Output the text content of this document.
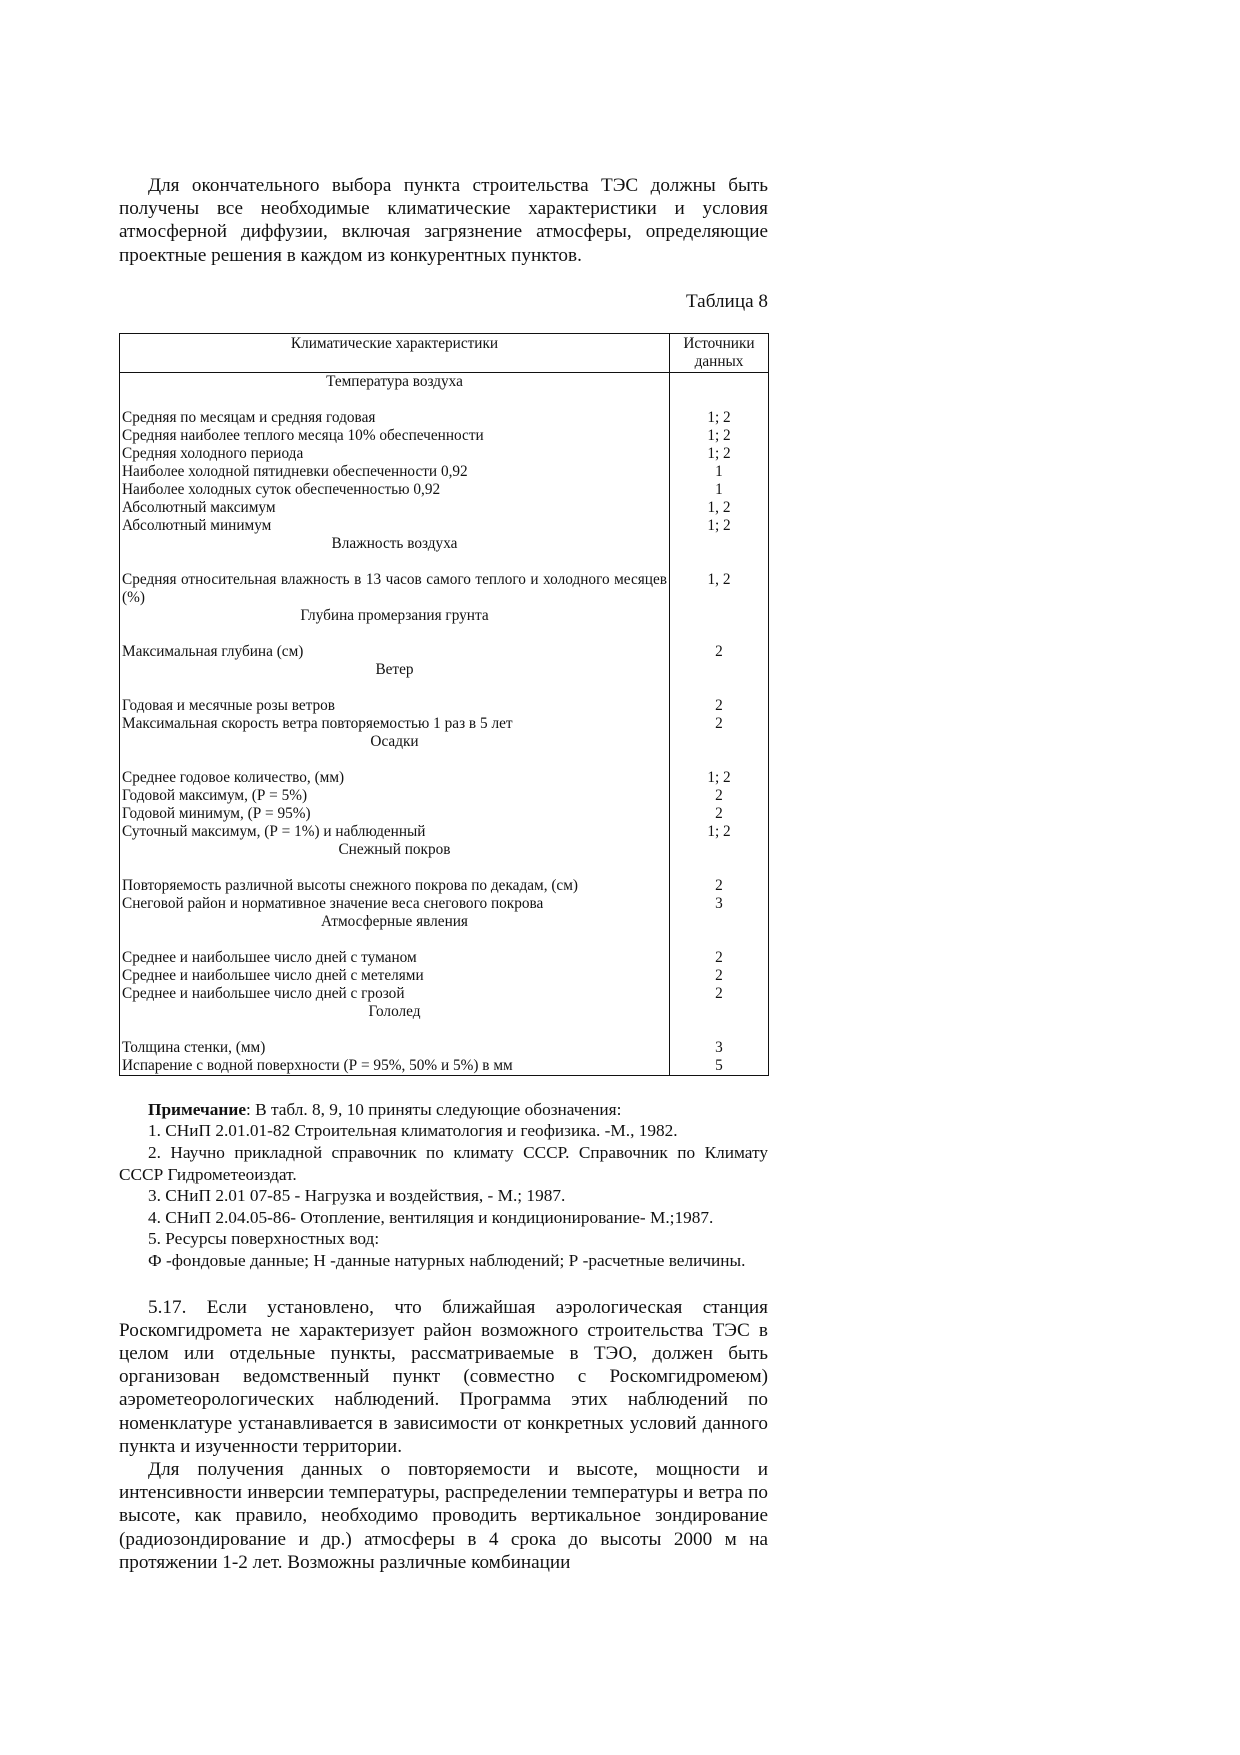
Для окончательного выбора пункта строительства ТЭС должны быть получены все необходимые климатические характеристики и условия атмосферной диффузии, включая загрязнение атмосферы, определяющие проектные решения в каждом из конкурентных пунктов.

Таблица 8
Климатические характеристики	Источники данных
Температура воздуха	

Средняя по месяцам и средняя годовая	1; 2
Средняя наиболее теплого месяца 10% обеспеченности	1; 2
Средняя холодного периода	1; 2
Наиболее холодной пятидневки обеспеченности 0,92	1
Наиболее холодных суток обеспеченностью 0,92	1
Абсолютный максимум	1, 2
Абсолютный минимум	1; 2
Влажность воздуха	

Средняя относительная влажность в 13 часов самого теплого и холодного месяцев (%)	1, 2
Глубина промерзания грунта	

Максимальная глубина (см)	2
Ветер	

Годовая и месячные розы ветров	2
Максимальная скорость ветра повторяемостью 1 раз в 5 лет	2
Осадки	

Среднее годовое количество, (мм)	1; 2
Годовой максимум, (Р = 5%)	2
Годовой минимум, (Р = 95%)	2
Суточный максимум, (Р = 1%) и наблюденный	1; 2
Снежный покров	

Повторяемость различной высоты снежного покрова по декадам, (см)	2
Снеговой район и нормативное значение веса снегового покрова	3
Атмосферные явления	

Среднее и наибольшее число дней с туманом	2
Среднее и наибольшее число дней с метелями	2
Среднее и наибольшее число дней с грозой	2
Гололед	

Толщина стенки, (мм)	3
Испарение с водной поверхности (Р = 95%, 50% и 5%) в мм	5

Примечание: В табл. 8, 9, 10 приняты следующие обозначения:

1. СНиП 2.01.01-82 Строительная климатология и геофизика. -М., 1982.

2. Научно прикладной справочник по климату СССР. Справочник по Климату СССР Гидрометеоиздат.

3. СНиП 2.01 07-85 - Нагрузка и воздействия, - М.; 1987.

4. СНиП 2.04.05-86- Отопление, вентиляция и кондиционирование- М.;1987.

5. Ресурсы поверхностных вод:

Ф -фондовые данные; Н -данные натурных наблюдений; Р -расчетные величины.

5.17. Если установлено, что ближайшая аэрологическая станция Роскомгидромета не характеризует район возможного строительства ТЭС в целом или отдельные пункты, рассматриваемые в ТЭО, должен быть организован ведомственный пункт (совместно с Роскомгидромеюм) аэрометеорологических наблюдений. Программа этих наблюдений по номенклатуре устанавливается в зависимости от конкретных условий данного пункта и изученности территории.

Для получения данных о повторяемости и высоте, мощности и интенсивности инверсии температуры, распределении температуры и ветра по высоте, как правило, необходимо проводить вертикальное зондирование (радиозондирование и др.) атмосферы в 4 срока до высоты 2000 м на протяжении 1-2 лет. Возможны различные комбинации
